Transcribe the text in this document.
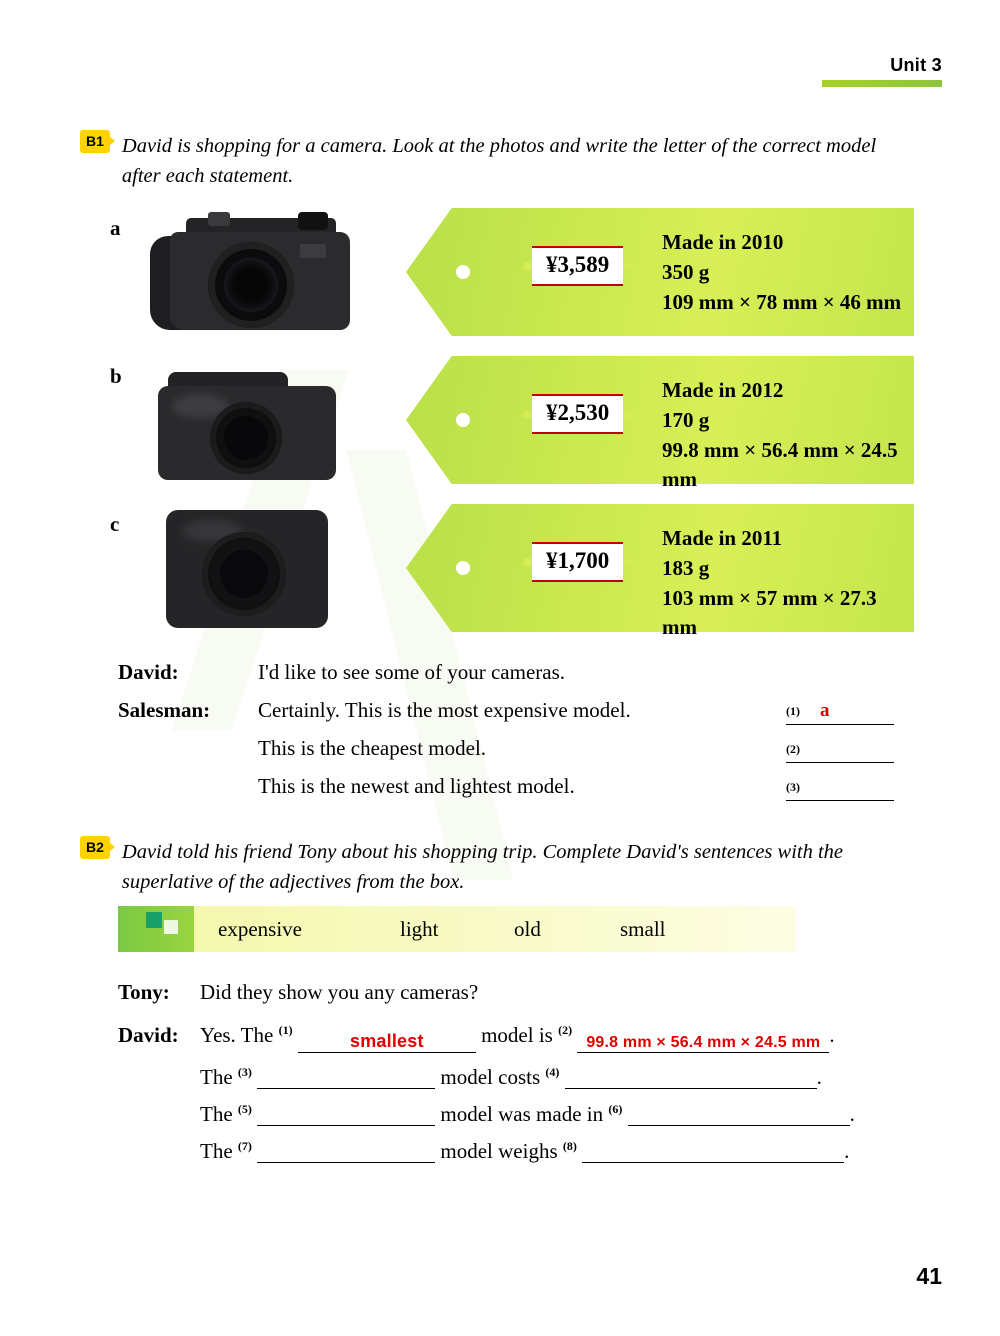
Unit 3
B1 David is shopping for a camera. Look at the photos and write the letter of the correct model after each statement.
a
¥3,589
Made in 2010
350 g
109 mm × 78 mm × 46 mm
b
¥2,530
Made in 2012
170 g
99.8 mm × 56.4 mm × 24.5 mm
c
¥1,700
Made in 2011
183 g
103 mm × 57 mm × 27.3 mm
David:	I'd like to see some of your cameras.
Salesman:	Certainly. This is the most expensive model.	(1) a
This is the cheapest model.	(2)
This is the newest and lightest model.	(3)
B2 David told his friend Tony about his shopping trip. Complete David's sentences with the superlative of the adjectives from the box.
expensive	light	old	small
Tony:	Did they show you any cameras?
David:	Yes. The $^{(1)}$ smallest	model is $^{(2)}$ 99.8 mm × 56.4 mm × 24.5 mm .
The $^{(3)}$	model costs $^{(4)}$	.
The $^{(5)}$	model was made in $^{(6)}$	.
The $^{(7)}$	model weighs $^{(8)}$	.
41
